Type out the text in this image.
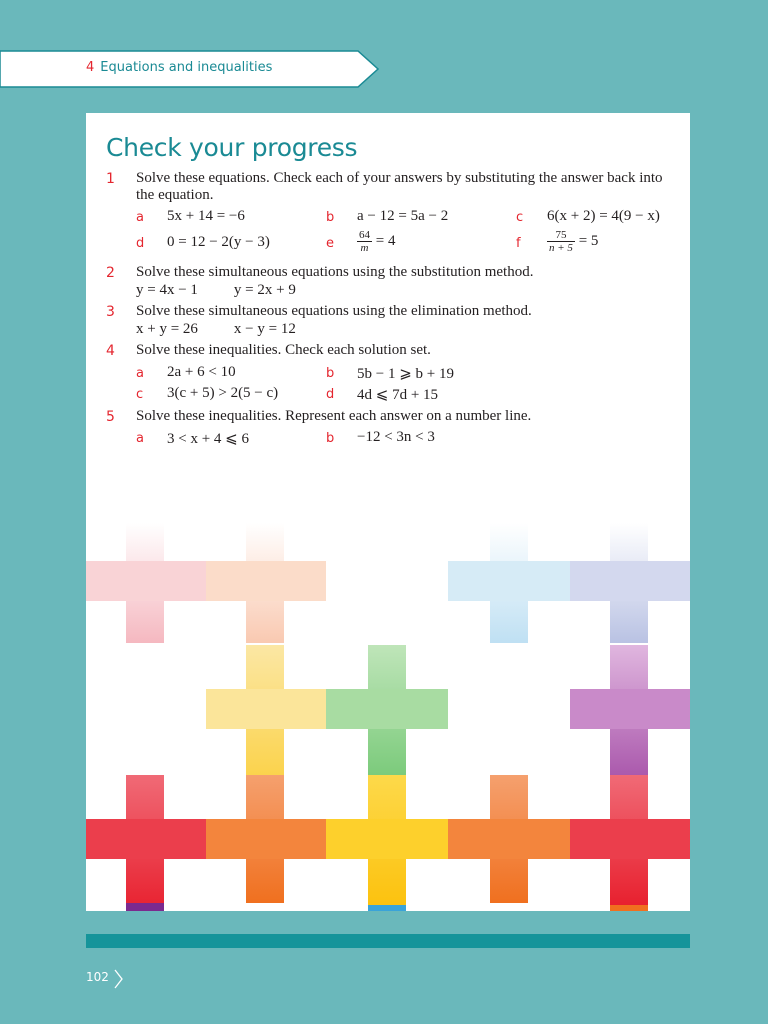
4 Equations and inequalities
Check your progress
1 Solve these equations. Check each of your answers by substituting the answer back into the equation.
a 5x + 14 = −6	b a − 12 = 5a − 2	c 6(x + 2) = 4(9 − x)
d 0 = 12 − 2(y − 3)	e $\frac{64}{m} = 4$	f $\frac{75}{n + 5} = 5$
2 Solve these simultaneous equations using the substitution method.
y = 4x − 1 y = 2x + 9
3 Solve these simultaneous equations using the elimination method.
x + y = 26 x − y = 12
4 Solve these inequalities. Check each solution set.
a 2a + 6 < 10	b 5b − 1 ⩾ b + 19
c 3(c + 5) > 2(5 − c)	d 4d ⩽ 7d + 15
5 Solve these inequalities. Represent each answer on a number line.
a 3 < x + 4 ⩽ 6	b −12 < 3n < 3
102
